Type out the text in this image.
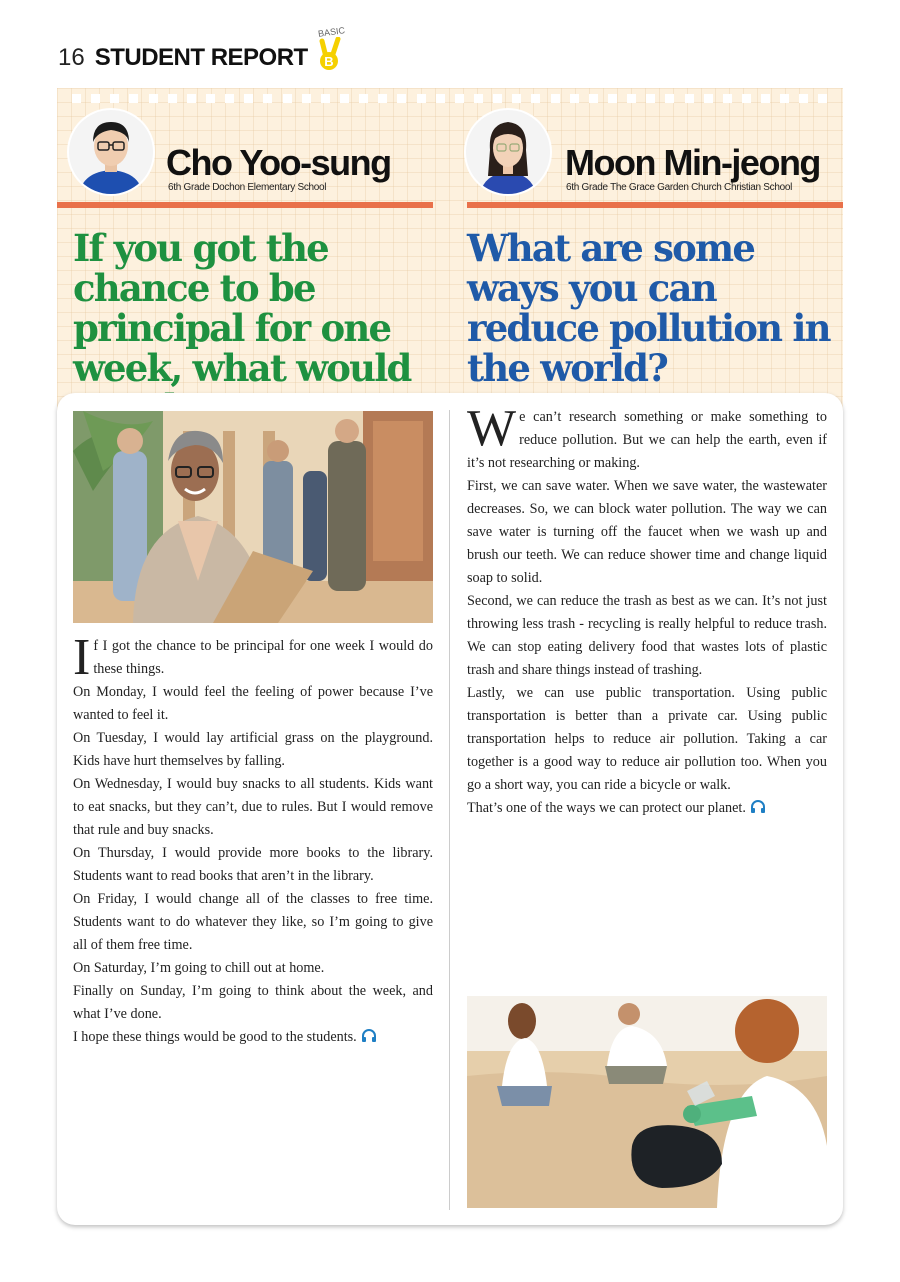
16 STUDENT REPORT
BASIC
B
Cho Yoo-sung
6th Grade Dochon Elementary School
Moon Min-jeong
6th Grade The Grace Garden Church Christian School
If you got the chance to be principal for one week, what would
What are some ways you can reduce pollution in the world?
I f I got the chance to be principal for one week I would do these things.

On Monday, I would feel the feeling of power because I’ve wanted to feel it.

On Tuesday, I would lay artificial grass on the playground. Kids have hurt themselves by falling.

On Wednesday, I would buy snacks to all students. Kids want to eat snacks, but they can’t, due to rules. But I would remove that rule and buy snacks.

On Thursday, I would provide more books to the library. Students want to read books that aren’t in the library.

On Friday, I would change all of the classes to free time. Students want to do whatever they like, so I’m going to give all of them free time.

On Saturday, I’m going to chill out at home.

Finally on Sunday, I’m going to think about the week, and what I’ve done.

I hope these things would be good to the students.

W e can’t research something or make something to reduce pollution. But we can help the earth, even if it’s not researching or making.

First, we can save water. When we save water, the wastewater decreases. So, we can block water pollution. The way we can save water is turning off the faucet when we wash up and brush our teeth. We can reduce shower time and change liquid soap to solid.

Second, we can reduce the trash as best as we can. It’s not just throwing less trash - recycling is really helpful to reduce trash. We can stop eating delivery food that wastes lots of plastic trash and share things instead of trashing.

Lastly, we can use public transportation. Using public transportation is better than a private car. Using public transportation helps to reduce air pollution. Taking a car together is a good way to reduce air pollution too. When you go a short way, you can ride a bicycle or walk.

That’s one of the ways we can protect our planet.
